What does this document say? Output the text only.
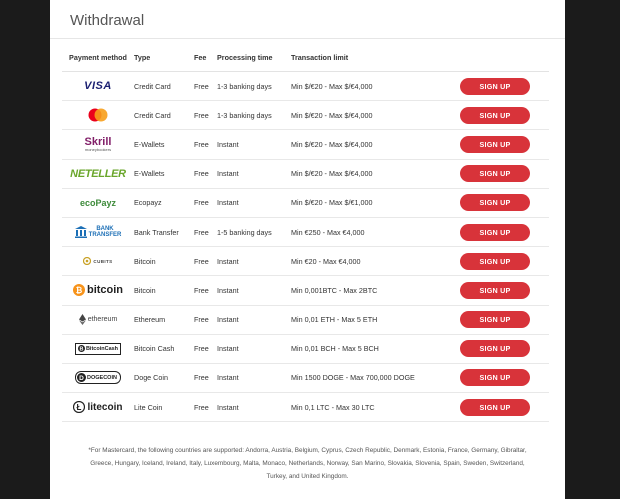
Withdrawal
Payment method	Type	Fee	Processing time	Transaction limit	

VISA	Credit Card	Free	1-3 banking days	Min $/€20 - Max $/€4,000	SIGN UP

	Credit Card	Free	1-3 banking days	Min $/€20 - Max $/€4,000	SIGN UP

Skrill
moneybookers	E-Wallets	Free	Instant	Min $/€20 - Max $/€4,000	SIGN UP

NETELLER	E-Wallets	Free	Instant	Min $/€20 - Max $/€4,000	SIGN UP

ecoPayz	Ecopayz	Free	Instant	Min $/€20 - Max $/€1,000	SIGN UP

BANK
TRANSFER	Bank Transfer	Free	1-5 banking days	Min €250 - Max €4,000	SIGN UP

CUBITS	Bitcoin	Free	Instant	Min €20 - Max €4,000	SIGN UP

₿ bitcoin	Bitcoin	Free	Instant	Min 0,001BTC - Max 2BTC	SIGN UP

ethereum	Ethereum	Free	Instant	Min 0,01 ETH - Max 5 ETH	SIGN UP

B BitcoinCash	Bitcoin Cash	Free	Instant	Min 0,01 BCH - Max 5 BCH	SIGN UP

D DOGECOIN	Doge Coin	Free	Instant	Min 1500 DOGE - Max 700,000 DOGE	SIGN UP

Ł litecoin	Lite Coin	Free	Instant	Min 0,1 LTC - Max 30 LTC	SIGN UP
*For Mastercard, the following countries are supported: Andorra, Austria, Belgium, Cyprus, Czech Republic, Denmark, Estonia, France, Germany, Gibraltar, Greece, Hungary, Iceland, Ireland, Italy, Luxembourg, Malta, Monaco, Netherlands, Norway, San Marino, Slovakia, Slovenia, Spain, Sweden, Switzerland, Turkey, and United Kingdom.
